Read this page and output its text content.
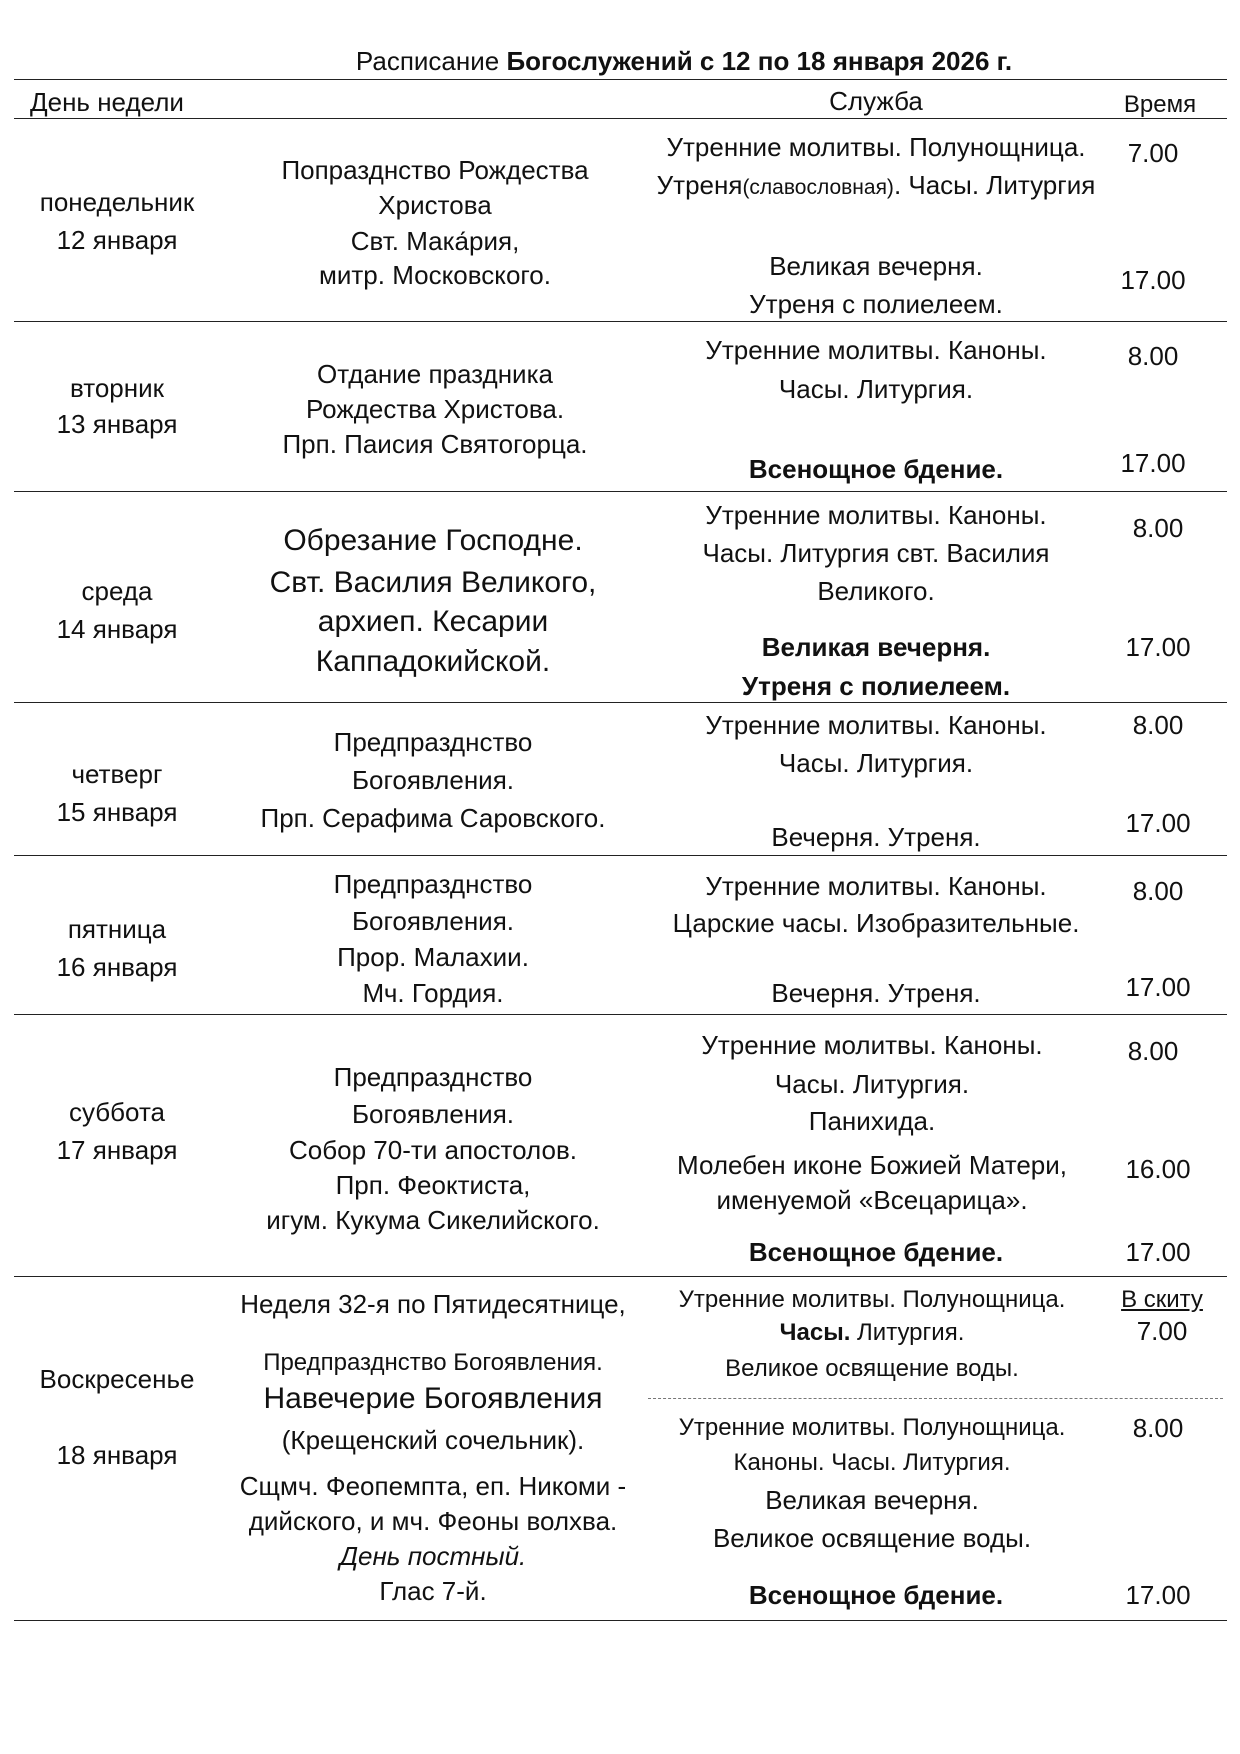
Расписание Богослужений с 12 по 18 января 2026 г.
День недели	Служба	Время
понедельник
12 января
Попразднство Рождества
Христова
Свт. Мака́рия,
митр. Московского.
Утренние молитвы. Полунощница.
Утреня(славословная). Часы. Литургия
Великая вечерня.
Утреня с полиелеем.
7.00
17.00
вторник
13 января
Отдание праздника
Рождества Христова.
Прп. Паисия Святогорца.
Утренние молитвы. Каноны.
Часы. Литургия.
Всенощное бдение.
8.00
17.00
среда
14 января
Обрезание Господне.
Свт. Василия Великого,
архиеп. Кесарии
Каппадокийской.
Утренние молитвы. Каноны.
Часы. Литургия свт. Василия
Великого.
Великая вечерня.
Утреня с полиелеем.
8.00
17.00
четверг
15 января
Предпразднство
Богоявления.
Прп. Серафима Саровского.
Утренние молитвы. Каноны.
Часы. Литургия.
Вечерня. Утреня.
8.00
17.00
пятница
16 января
Предпразднство
Богоявления.
Прор. Малахии.
Мч. Гордия.
Утренние молитвы. Каноны.
Царские часы. Изобразительные.
Вечерня. Утреня.
8.00
17.00
суббота
17 января
Предпразднство
Богоявления.
Собор 70-ти апостолов.
Прп. Феоктиста,
игум. Кукума Сикелийского.
Утренние молитвы. Каноны.
Часы. Литургия.
Панихида.
Молебен иконе Божией Матери,
именуемой «Всецарица».
Всенощное бдение.
8.00
16.00
17.00
Воскресенье
18 января
Неделя 32-я по Пятидесятнице,
Предпразднство Богоявления.
Навечерие Богоявления
(Крещенский сочельник).
Сщмч. Феопемпта, еп. Никоми -
дийского, и мч. Феоны волхва.
День постный.
Глас 7-й.
Утренние молитвы. Полунощница.
Часы. Литургия.
Великое освящение воды.
Утренние молитвы. Полунощница.
Каноны. Часы. Литургия.
Великая вечерня.
Великое освящение воды.
Всенощное бдение.
В скиту
7.00
8.00
17.00
